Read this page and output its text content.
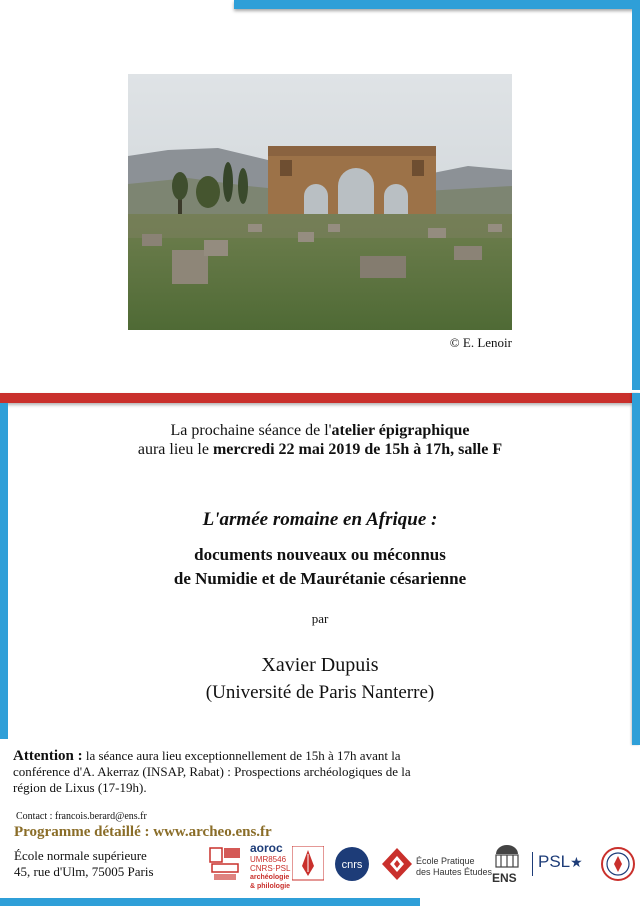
© E. Lenoir
La prochaine séance de l'atelier épigraphique
aura lieu le mercredi 22 mai 2019 de 15h à 17h, salle F
L'armée romaine en Afrique :
documents nouveaux ou méconnus
de Numidie et de Maurétanie césarienne
par
Xavier Dupuis
(Université de Paris Nanterre)
Attention : la séance aura lieu exceptionnellement de 15h à 17h avant la conférence d'A. Akerraz (INSAP, Rabat) : Prospections archéologiques de la région de Lixus (17-19h).
Contact : francois.berard@ens.fr
Programme détaillé : www.archeo.ens.fr
École normale supérieure
45, rue d'Ulm, 75005 Paris
aoroc
UMR8546
CNRS·PSL
archéologie
& philologie
cnrs	École Pratique
des Hautes Études ENS
PSL★
